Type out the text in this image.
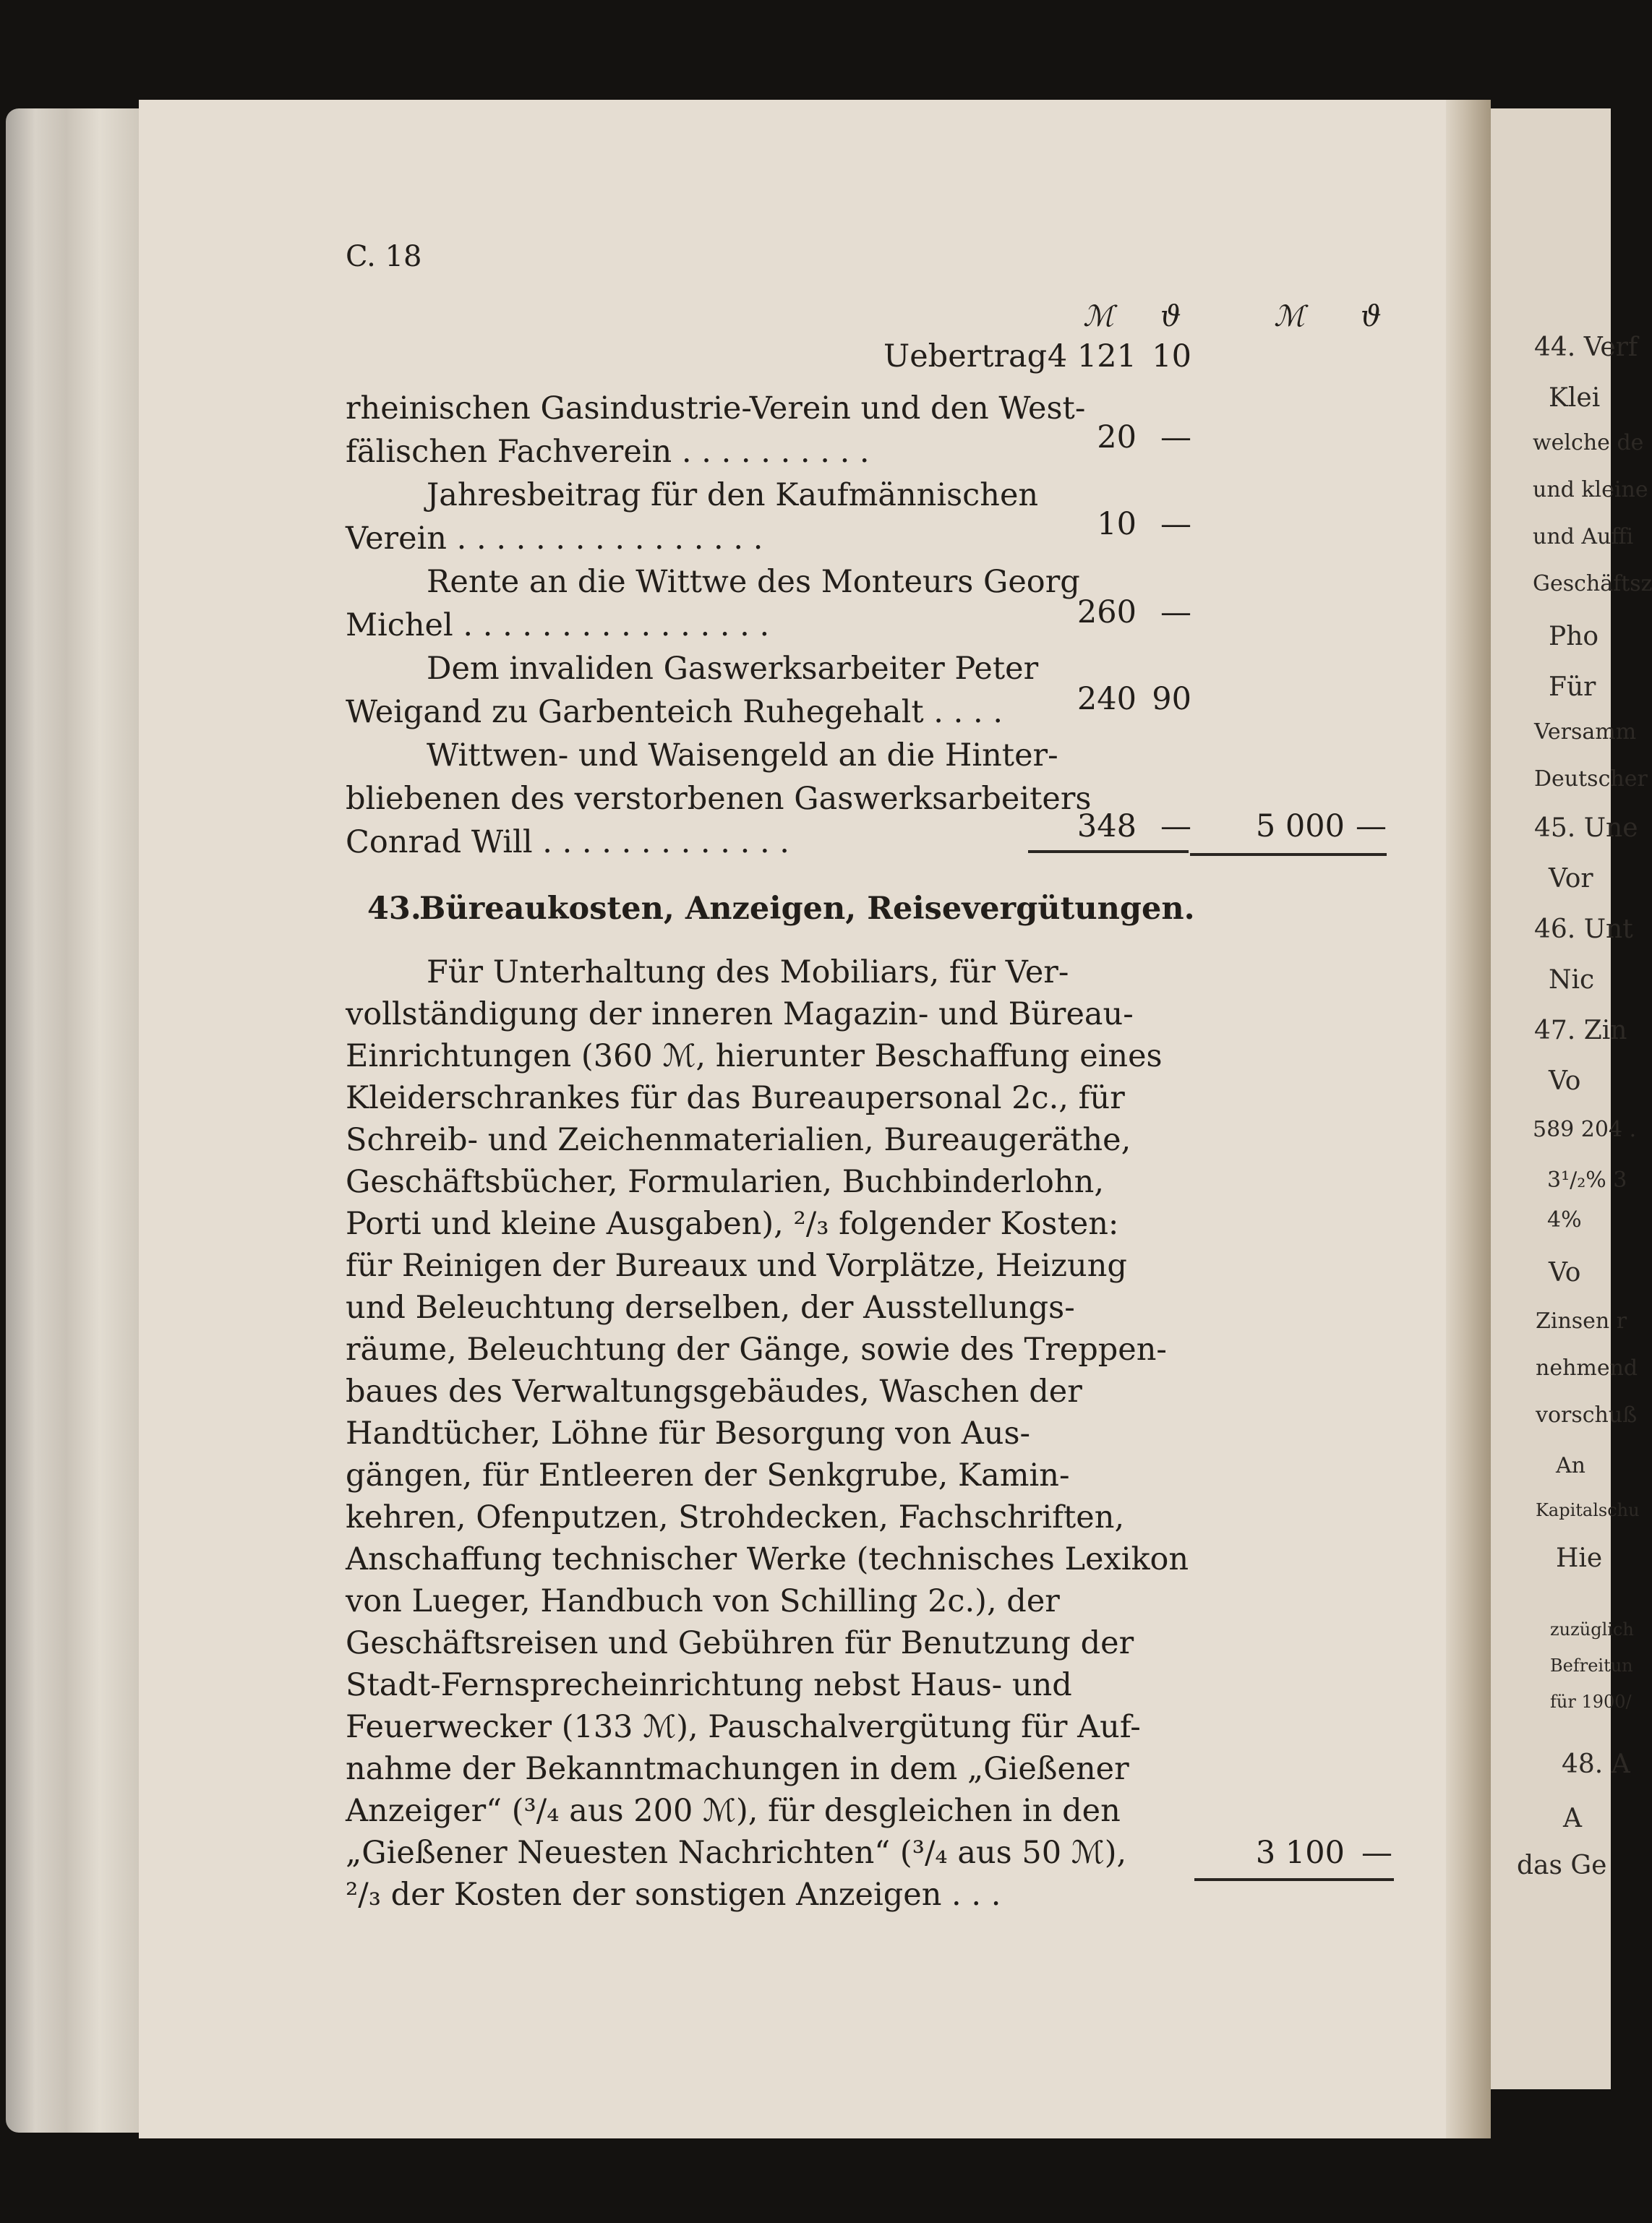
44. Verf
Klei
welche de
und kleine
und Auffi
Geschäftsz
Pho
Für
Versamm
Deutscher
45. Une
Vor
46. Unt
Nic
47. Zin
Vo
589 204 .
3¹/₂% 3
4%
Vo
Zinsen r
nehmend
vorschuß
An
Kapitalschu
Hie
zuzüglich
Befreitun
für 1900/
48. A
A
das Ge
C. 18
ℳ ϑ	ℳ ϑ
Uebertrag 4 121 10
rheinischen Gasindustrie-Verein und den West-
fälischen Fachverein . . . . . . . . . .	20 —
Jahresbeitrag für den Kaufmännischen
Verein . . . . . . . . . . . . . . . .	10 —
Rente an die Wittwe des Monteurs Georg
Michel . . . . . . . . . . . . . . . .	260 —
Dem invaliden Gaswerksarbeiter Peter
Weigand zu Garbenteich Ruhegehalt . . . .	240 90
Wittwen- und Waisengeld an die Hinter-
bliebenen des verstorbenen Gaswerksarbeiters
Conrad Will . . . . . . . . . . . . .	348 —	5 000 —
43.
Büreaukosten, Anzeigen, Reisevergütungen.
Für Unterhaltung des Mobiliars, für Ver-
vollständigung der inneren Magazin- und Büreau-
Einrichtungen (360 ℳ, hierunter Beschaffung eines
Kleiderschrankes für das Bureaupersonal 2c., für
Schreib- und Zeichenmaterialien, Bureaugeräthe,
Geschäftsbücher, Formularien, Buchbinderlohn,
Porti und kleine Ausgaben), ²/₃ folgender Kosten:
für Reinigen der Bureaux und Vorplätze, Heizung
und Beleuchtung derselben, der Ausstellungs-
räume, Beleuchtung der Gänge, sowie des Treppen-
baues des Verwaltungsgebäudes, Waschen der
Handtücher, Löhne für Besorgung von Aus-
gängen, für Entleeren der Senkgrube, Kamin-
kehren, Ofenputzen, Strohdecken, Fachschriften,
Anschaffung technischer Werke (technisches Lexikon
von Lueger, Handbuch von Schilling 2c.), der
Geschäftsreisen und Gebühren für Benutzung der
Stadt-Fernsprecheinrichtung nebst Haus- und
Feuerwecker (133 ℳ), Pauschalvergütung für Auf-
nahme der Bekanntmachungen in dem „Gießener
Anzeiger“ (³/₄ aus 200 ℳ), für desgleichen in den
„Gießener Neuesten Nachrichten“ (³/₄ aus 50 ℳ),
²/₃ der Kosten der sonstigen Anzeigen . . .
3 100 —
